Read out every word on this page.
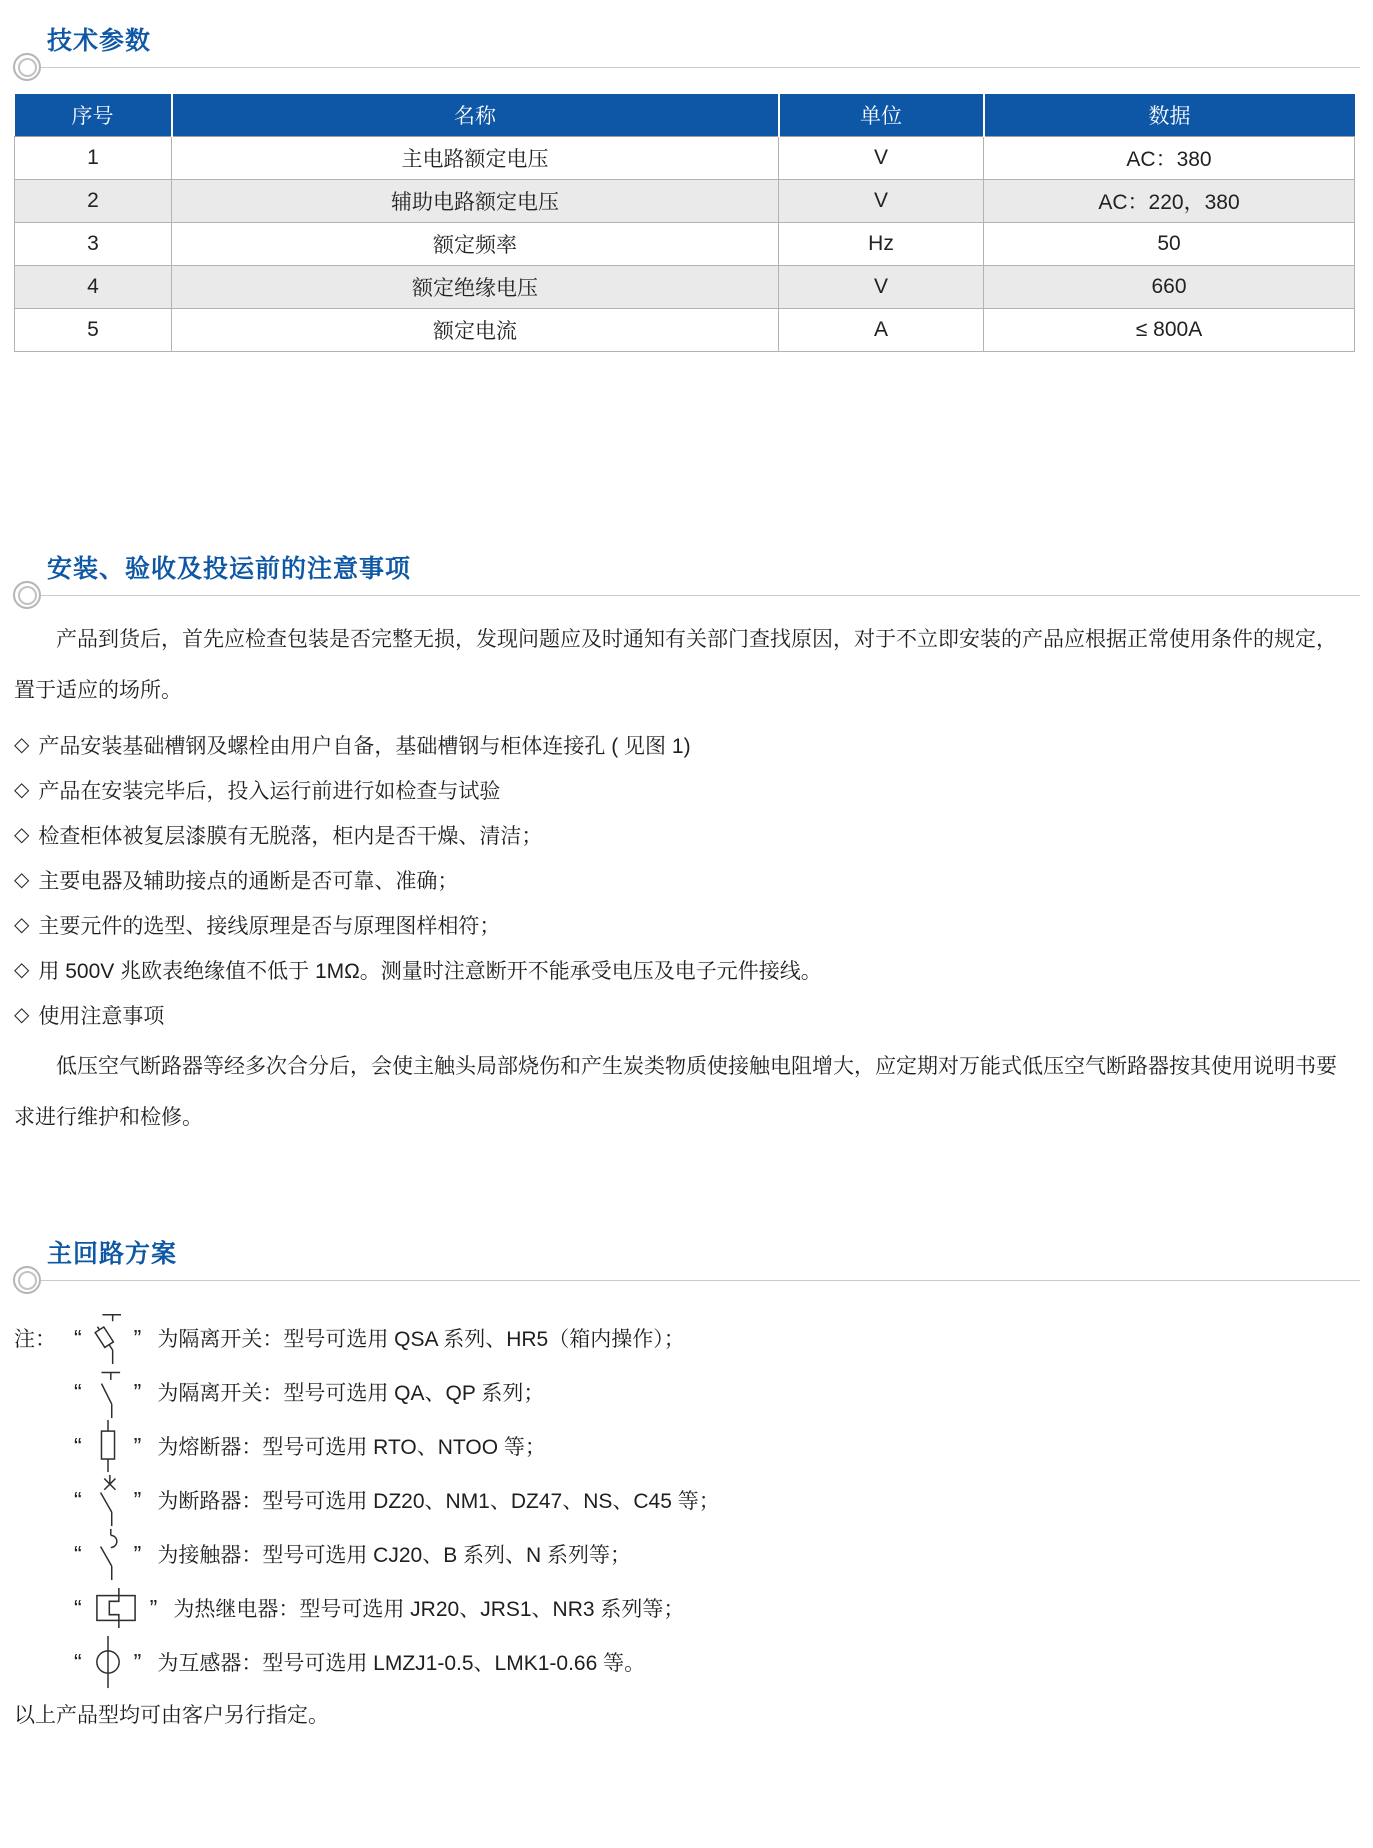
技术参数
序号	名称	单位	数据
1	主电路额定电压	V	AC：380
2	辅助电路额定电压	V	AC：220，380
3	额定频率	Hz	50
4	额定绝缘电压	V	660
5	额定电流	A	≤ 800A
安装、验收及投运前的注意事项

产品到货后，首先应检查包装是否完整无损，发现问题应及时通知有关部门查找原因，对于不立即安装的产品应根据正常使用条件的规定，置于适应的场所。

◇ 产品安装基础槽钢及螺栓由用户自备，基础槽钢与柜体连接孔 ( 见图 1)
◇ 产品在安装完毕后，投入运行前进行如检查与试验
◇ 检查柜体被复层漆膜有无脱落，柜内是否干燥、清洁；
◇ 主要电器及辅助接点的通断是否可靠、准确；
◇ 主要元件的选型、接线原理是否与原理图样相符；
◇ 用 500V 兆欧表绝缘值不低于 1MΩ。测量时注意断开不能承受电压及电子元件接线。
◇ 使用注意事项

低压空气断路器等经多次合分后，会使主触头局部烧伤和产生炭类物质使接触电阻增大，应定期对万能式低压空气断路器按其使用说明书要求进行维护和检修。

主回路方案
注： “ ” 为隔离开关：型号可选用 QSA 系列、HR5（箱内操作）；
“ ” 为隔离开关：型号可选用 QA、QP 系列；
“ ” 为熔断器：型号可选用 RTO、NTOO 等；
“ ” 为断路器：型号可选用 DZ20、NM1、DZ47、NS、C45 等；
“ ” 为接触器：型号可选用 CJ20、B 系列、N 系列等；
“	” 为热继电器：型号可选用 JR20、JRS1、NR3 系列等；
“ ” 为互感器：型号可选用 LMZJ1-0.5、LMK1-0.66 等。

以上产品型均可由客户另行指定。
